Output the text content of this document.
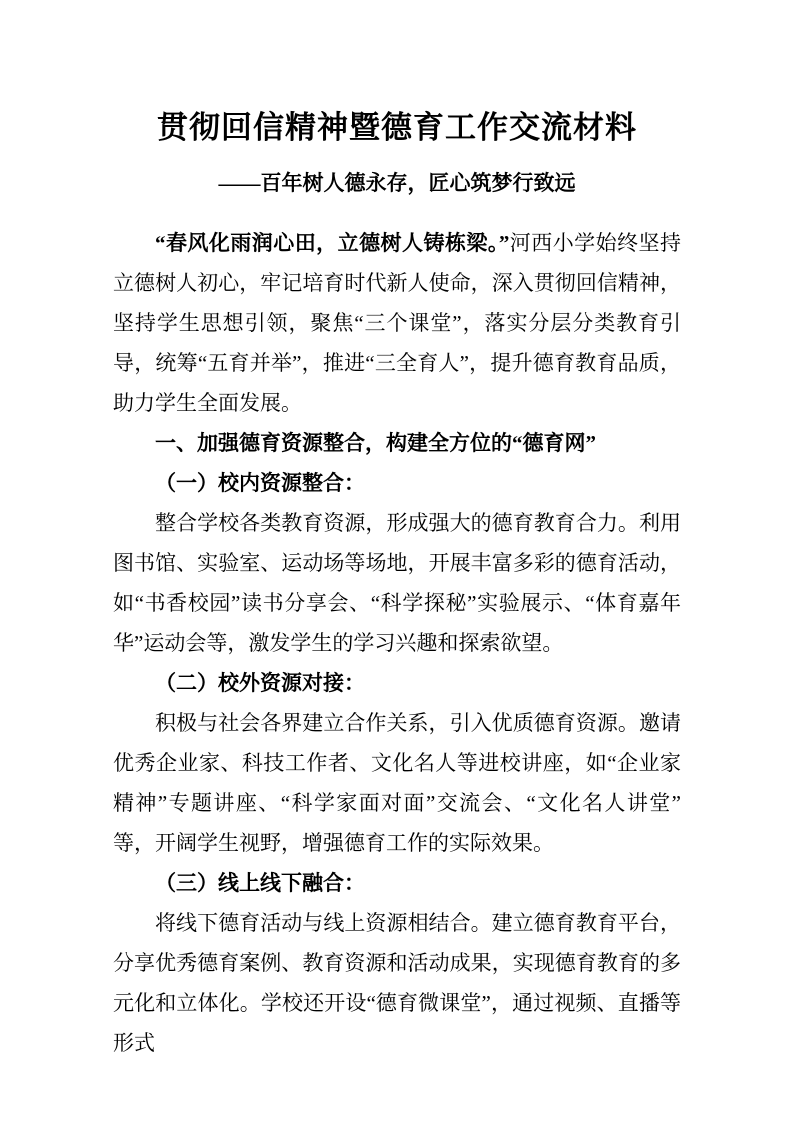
贯彻回信精神暨德育工作交流材料
——百年树人德永存，匠心筑梦行致远

“春风化雨润心田，立德树人铸栋梁。”河西小学始终坚持立德树人初心，牢记培育时代新人使命，深入贯彻回信精神，坚持学生思想引领，聚焦“三个课堂”，落实分层分类教育引导，统筹“五育并举”，推进“三全育人”，提升德育教育品质，助力学生全面发展。

一、加强德育资源整合，构建全方位的“德育网”

（一）校内资源整合：

整合学校各类教育资源，形成强大的德育教育合力。利用图书馆、实验室、运动场等场地，开展丰富多彩的德育活动，如“书香校园”读书分享会、“科学探秘”实验展示、“体育嘉年华”运动会等，激发学生的学习兴趣和探索欲望。

（二）校外资源对接：

积极与社会各界建立合作关系，引入优质德育资源。邀请优秀企业家、科技工作者、文化名人等进校讲座，如“企业家精神”专题讲座、“科学家面对面”交流会、“文化名人讲堂”等，开阔学生视野，增强德育工作的实际效果。

（三）线上线下融合：

将线下德育活动与线上资源相结合。建立德育教育平台，分享优秀德育案例、教育资源和活动成果，实现德育教育的多元化和立体化。学校还开设“德育微课堂”，通过视频、直播等形式
